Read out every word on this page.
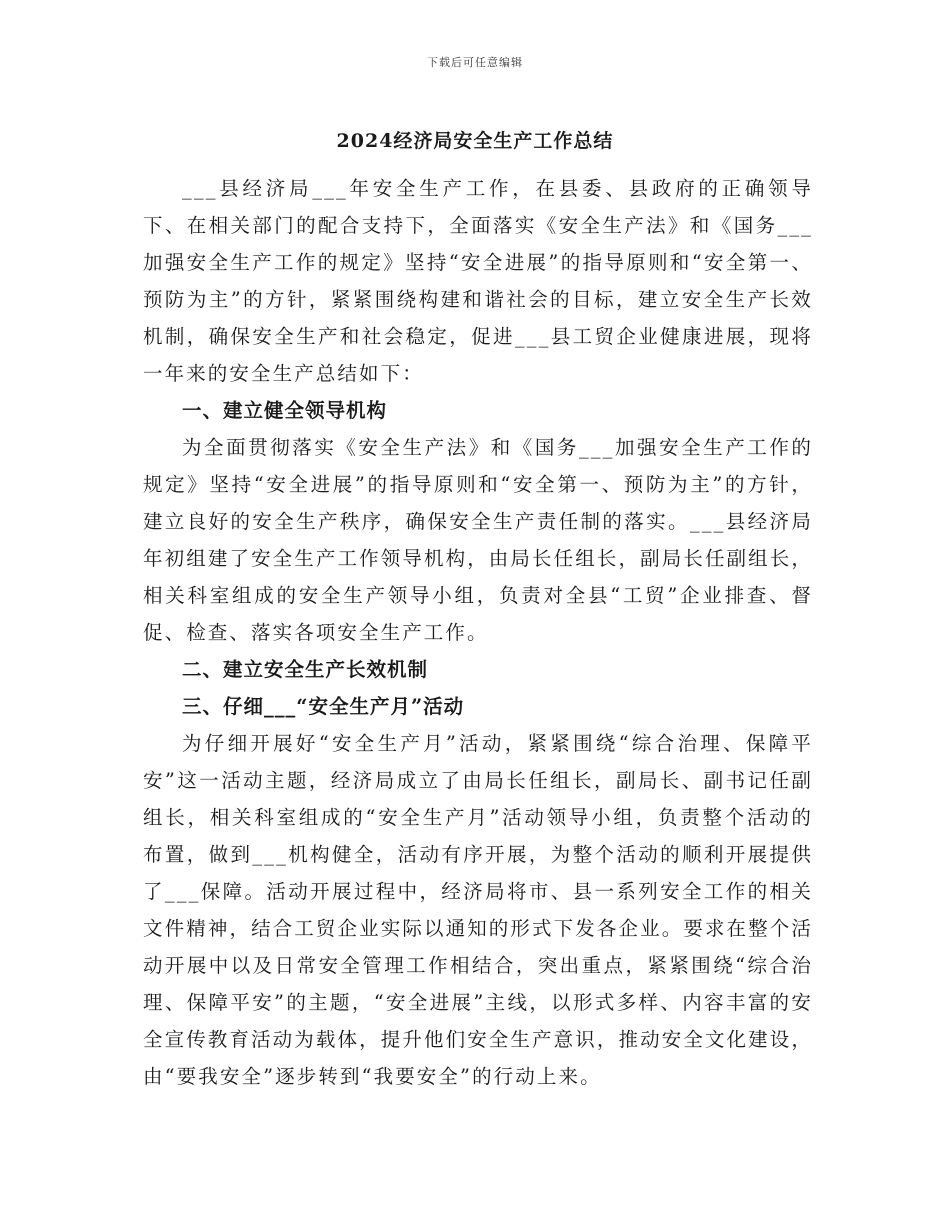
下载后可任意编辑
2024经济局安全生产工作总结

___县经济局___年安全生产工作，在县委、县政府的正确领导下、在相关部门的配合支持下，全面落实《安全生产法》和《国务___加强安全生产工作的规定》坚持“安全进展”的指导原则和“安全第一、预防为主”的方针，紧紧围绕构建和谐社会的目标，建立安全生产长效机制，确保安全生产和社会稳定，促进___县工贸企业健康进展，现将一年来的安全生产总结如下：

一、建立健全领导机构

为全面贯彻落实《安全生产法》和《国务___加强安全生产工作的规定》坚持“安全进展”的指导原则和“安全第一、预防为主”的方针，建立良好的安全生产秩序，确保安全生产责任制的落实。___县经济局年初组建了安全生产工作领导机构，由局长任组长，副局长任副组长，相关科室组成的安全生产领导小组，负责对全县“工贸”企业排查、督促、检查、落实各项安全生产工作。

二、建立安全生产长效机制

三、仔细___“安全生产月”活动

为仔细开展好“安全生产月”活动，紧紧围绕“综合治理、保障平安”这一活动主题，经济局成立了由局长任组长，副局长、副书记任副组长，相关科室组成的“安全生产月”活动领导小组，负责整个活动的布置，做到___机构健全，活动有序开展，为整个活动的顺利开展提供了___保障。活动开展过程中，经济局将市、县一系列安全工作的相关文件精神，结合工贸企业实际以通知的形式下发各企业。要求在整个活动开展中以及日常安全管理工作相结合，突出重点，紧紧围绕“综合治理、保障平安”的主题，“安全进展”主线，以形式多样、内容丰富的安全宣传教育活动为载体，提升他们安全生产意识，推动安全文化建设，由“要我安全”逐步转到“我要安全”的行动上来。
